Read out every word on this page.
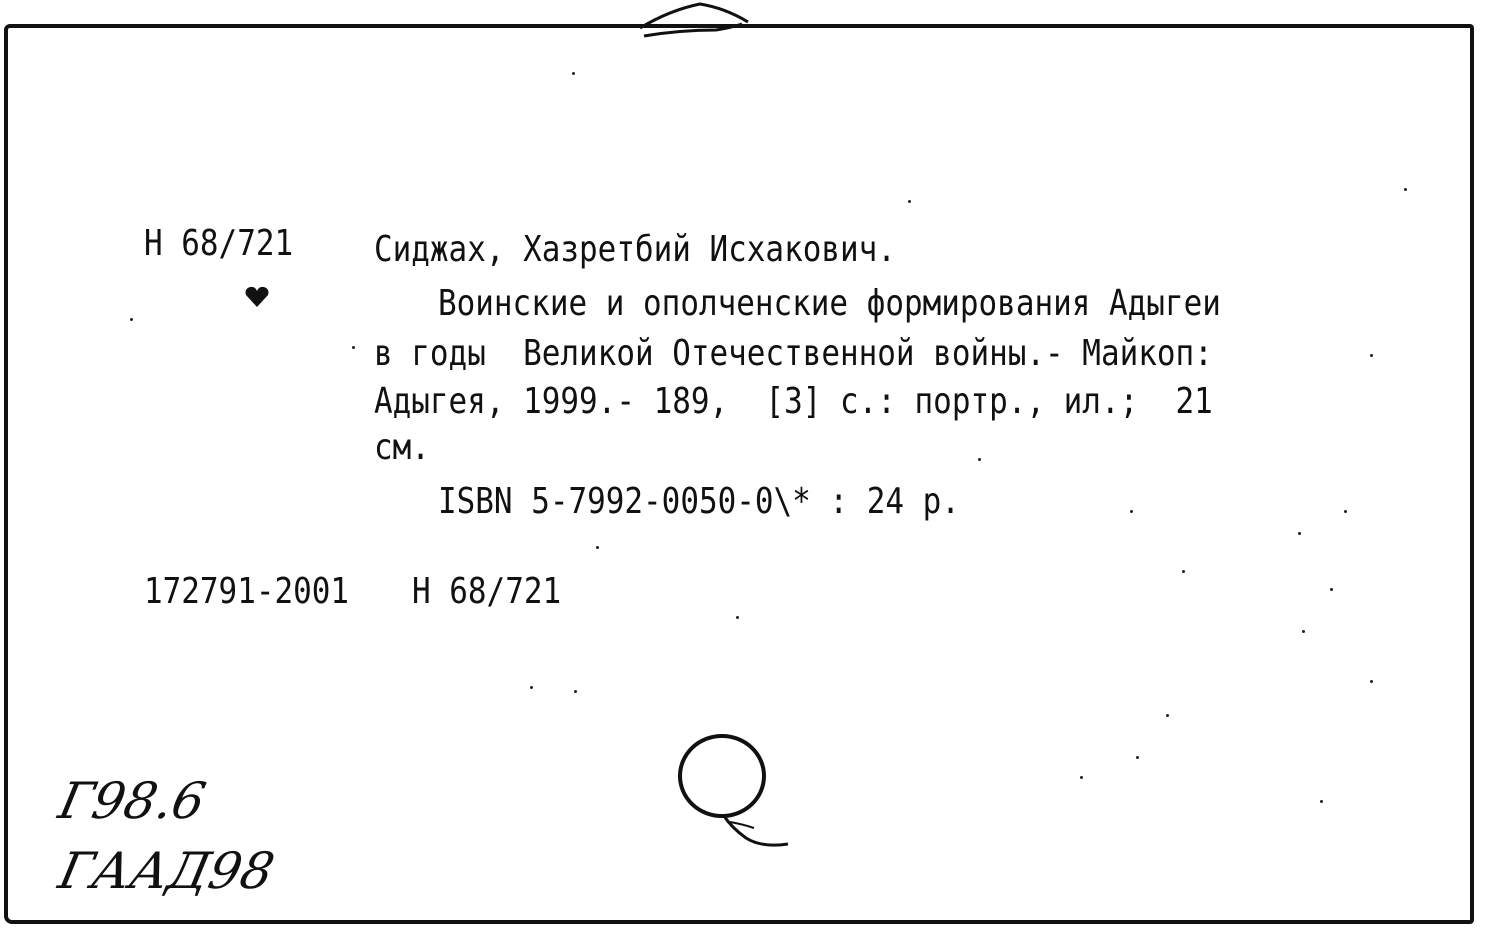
Н 68/721 Сиджах, Хазретбий Исхакович.
Воинские и ополченские формирования Адыгеи
в годы  Великой Отечественной войны.- Майкоп:
Адыгея, 1999.- 189,  [3] с.: портр., ил.;  21
см.
ISBN 5-7992-0050-0\* : 24 р.
172791-2001 Н 68/721
Г98.6
ГААД98
